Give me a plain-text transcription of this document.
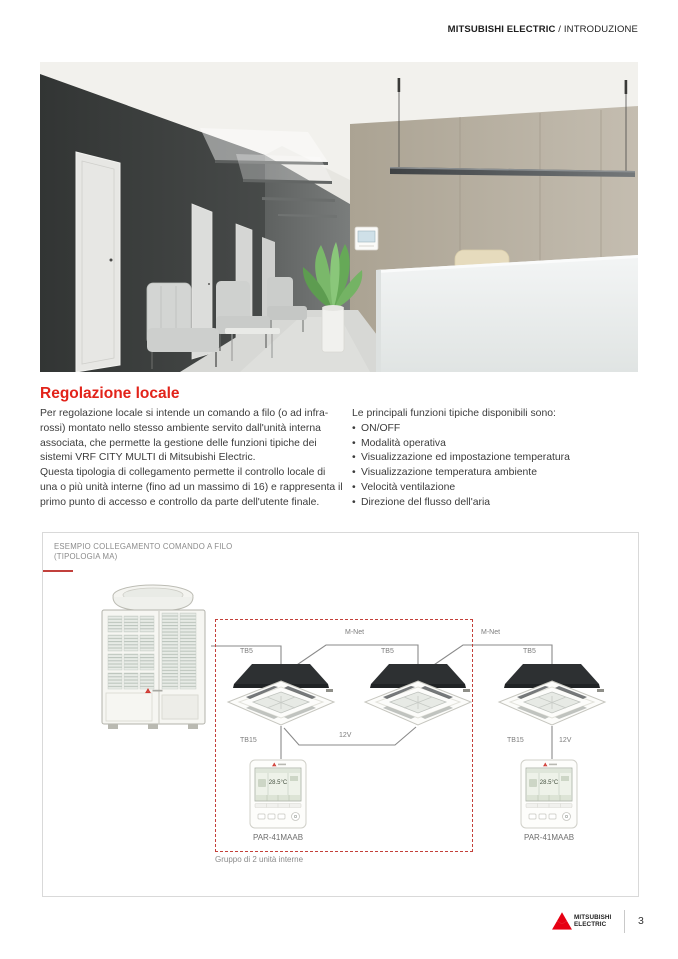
MITSUBISHI ELECTRIC / INTRODUZIONE
Regolazione locale

Per regolazione locale si intende un comando a filo (o ad infra-rossi) montato nello stesso ambiente servito dall'unità interna associata, che permette la gestione delle funzioni tipiche dei sistemi VRF CITY MULTI di Mitsubishi Electric.

Questa tipologia di collegamento permette il controllo locale di una o più unità interne (fino ad un massimo di 16) e rappresenta il primo punto di accesso e controllo da parte dell'utente finale.

Le principali funzioni tipiche disponibili sono:

• ON/OFF
• Modalità operativa
• Visualizzazione ed impostazione temperatura
• Visualizzazione temperatura ambiente
• Velocità ventilazione
• Direzione del flusso dell'aria
ESEMPIO COLLEGAMENTO COMANDO A FILO
(TIPOLOGIA MA)
28.5°C	28.5°C
TB5	TB5	TB5
M-Net	M-Net
TB15
12V
TB15	12V
PAR-41MAAB	PAR-41MAAB
Gruppo di 2 unità interne
MITSUBISHI
ELECTRIC	3
